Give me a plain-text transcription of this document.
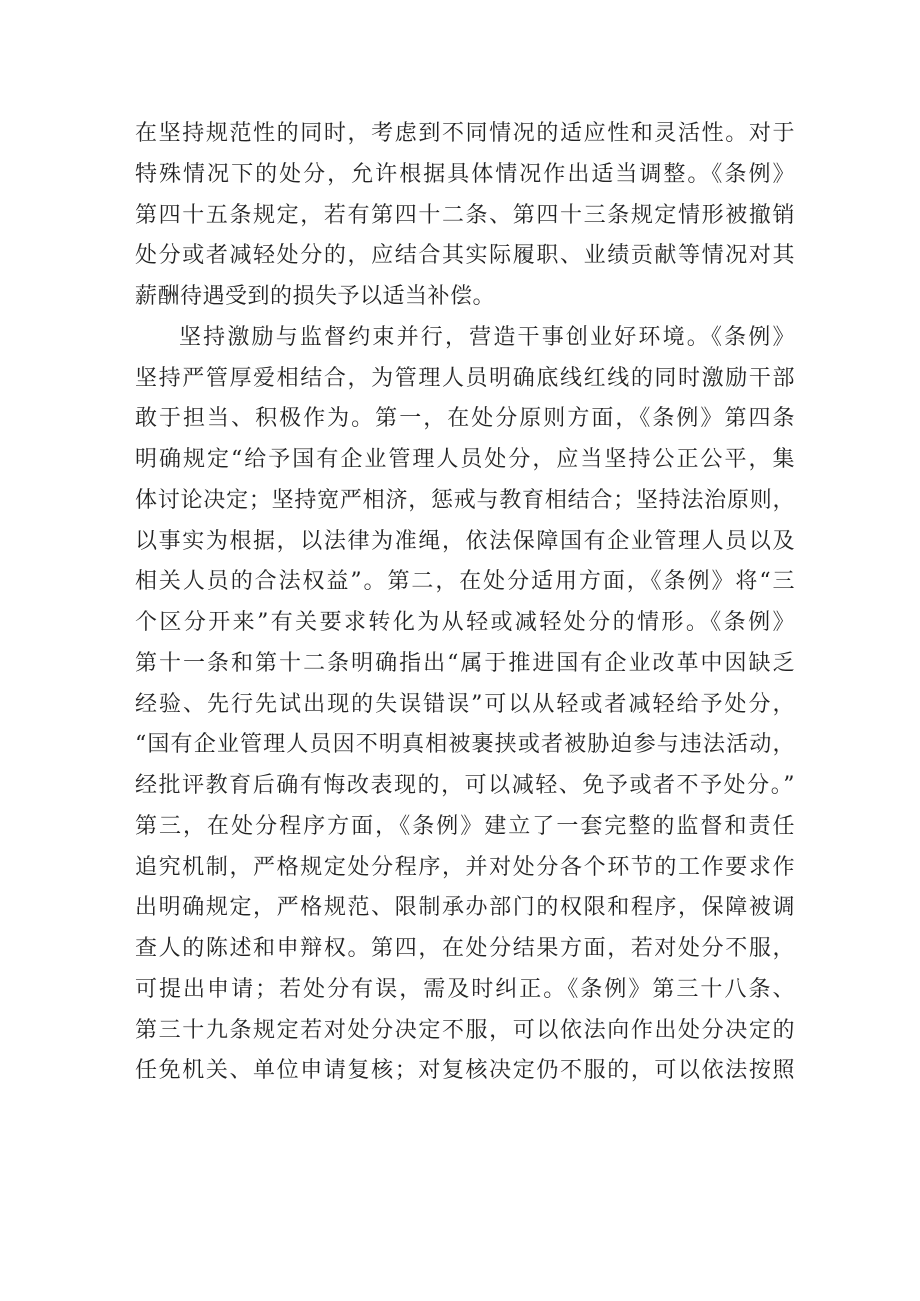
在坚持规范性的同时，考虑到不同情况的适应性和灵活性。对于
特殊情况下的处分，允许根据具体情况作出适当调整。《条例》
第四十五条规定，若有第四十二条、第四十三条规定情形被撤销
处分或者减轻处分的，应结合其实际履职、业绩贡献等情况对其
薪酬待遇受到的损失予以适当补偿。
坚持激励与监督约束并行，营造干事创业好环境。《条例》
坚持严管厚爱相结合，为管理人员明确底线红线的同时激励干部
敢于担当、积极作为。第一，在处分原则方面，《条例》第四条
明确规定“给予国有企业管理人员处分，应当坚持公正公平，集
体讨论决定；坚持宽严相济，惩戒与教育相结合；坚持法治原则，
以事实为根据，以法律为准绳，依法保障国有企业管理人员以及
相关人员的合法权益”。第二，在处分适用方面，《条例》将“三
个区分开来”有关要求转化为从轻或减轻处分的情形。《条例》
第十一条和第十二条明确指出“属于推进国有企业改革中因缺乏
经验、先行先试出现的失误错误”可以从轻或者减轻给予处分，
“国有企业管理人员因不明真相被裹挟或者被胁迫参与违法活动，
经批评教育后确有悔改表现的，可以减轻、免予或者不予处分。”
第三，在处分程序方面，《条例》建立了一套完整的监督和责任
追究机制，严格规定处分程序，并对处分各个环节的工作要求作
出明确规定，严格规范、限制承办部门的权限和程序，保障被调
查人的陈述和申辩权。第四，在处分结果方面，若对处分不服，
可提出申请；若处分有误，需及时纠正。《条例》第三十八条、
第三十九条规定若对处分决定不服，可以依法向作出处分决定的
任免机关、单位申请复核；对复核决定仍不服的，可以依法按照
